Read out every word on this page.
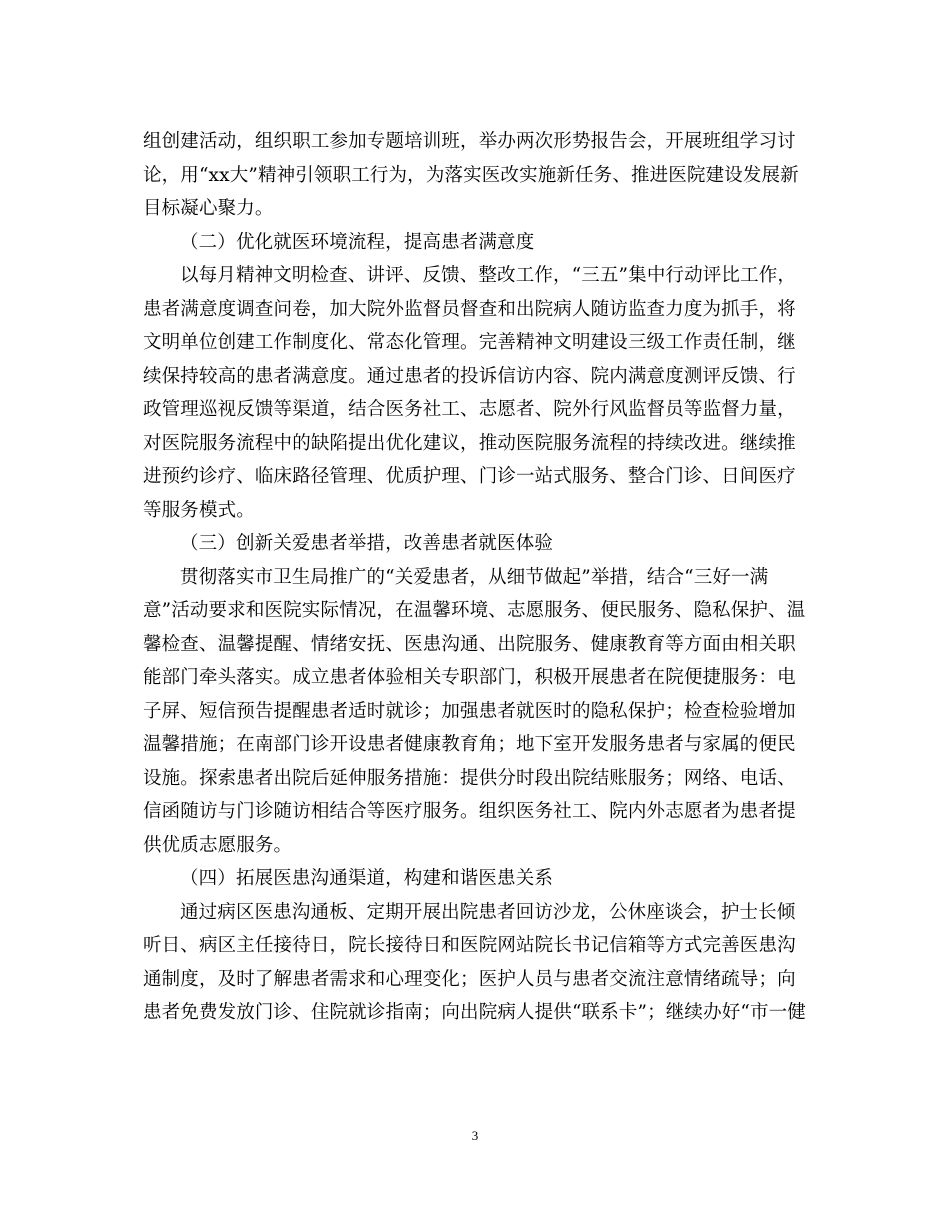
组创建活动，组织职工参加专题培训班，举办两次形势报告会，开展班组学习讨
论，用“xx大”精神引领职工行为，为落实医改实施新任务、推进医院建设发展新
目标凝心聚力。
（二）优化就医环境流程，提高患者满意度
以每月精神文明检查、讲评、反馈、整改工作，“三五”集中行动评比工作，
患者满意度调查问卷，加大院外监督员督查和出院病人随访监查力度为抓手，将
文明单位创建工作制度化、常态化管理。完善精神文明建设三级工作责任制，继
续保持较高的患者满意度。通过患者的投诉信访内容、院内满意度测评反馈、行
政管理巡视反馈等渠道，结合医务社工、志愿者、院外行风监督员等监督力量，
对医院服务流程中的缺陷提出优化建议，推动医院服务流程的持续改进。继续推
进预约诊疗、临床路径管理、优质护理、门诊一站式服务、整合门诊、日间医疗
等服务模式。
（三）创新关爱患者举措，改善患者就医体验
贯彻落实市卫生局推广的“关爱患者，从细节做起”举措，结合“三好一满
意”活动要求和医院实际情况，在温馨环境、志愿服务、便民服务、隐私保护、温
馨检查、温馨提醒、情绪安抚、医患沟通、出院服务、健康教育等方面由相关职
能部门牵头落实。成立患者体验相关专职部门，积极开展患者在院便捷服务：电
子屏、短信预告提醒患者适时就诊；加强患者就医时的隐私保护；检查检验增加
温馨措施；在南部门诊开设患者健康教育角；地下室开发服务患者与家属的便民
设施。探索患者出院后延伸服务措施：提供分时段出院结账服务；网络、电话、
信函随访与门诊随访相结合等医疗服务。组织医务社工、院内外志愿者为患者提
供优质志愿服务。
（四）拓展医患沟通渠道，构建和谐医患关系
通过病区医患沟通板、定期开展出院患者回访沙龙，公休座谈会，护士长倾
听日、病区主任接待日，院长接待日和医院网站院长书记信箱等方式完善医患沟
通制度，及时了解患者需求和心理变化；医护人员与患者交流注意情绪疏导；向
患者免费发放门诊、住院就诊指南；向出院病人提供“联系卡”；继续办好“市一健
3
